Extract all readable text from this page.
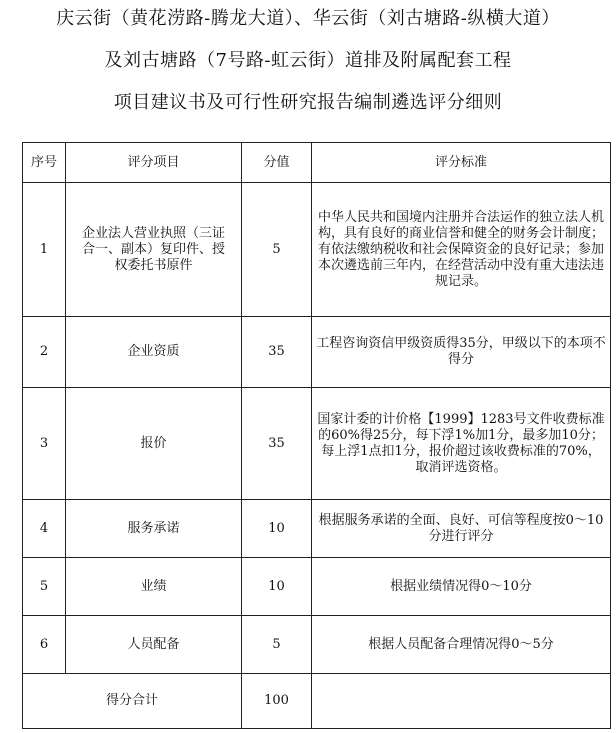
庆云街（黄花涝路-腾龙大道）、华云街（刘古塘路-纵横大道）
及刘古塘路（7号路-虹云街）道排及附属配套工程
项目建议书及可行性研究报告编制遴选评分细则
序号	评分项目	分值	评分标准
1	企业法人营业执照（三证合一、副本）复印件、授权委托书原件	5	中华人民共和国境内注册并合法运作的独立法人机构，具有良好的商业信誉和健全的财务会计制度；有依法缴纳税收和社会保障资金的良好记录；参加本次遴选前三年内，在经营活动中没有重大违法违规记录。
2	企业资质	35	工程咨询资信甲级资质得35分，甲级以下的本项不得分
3	报价	35	国家计委的计价格【1999】1283号文件收费标准的60%得25分，每下浮1%加1分，最多加10分；每上浮1点扣1分，报价超过该收费标准的70%，取消评选资格。
4	服务承诺	10	根据服务承诺的全面、良好、可信等程度按0～10分进行评分
5	业绩	10	根据业绩情况得0～10分
6	人员配备	5	根据人员配备合理情况得0～5分
得分合计		100	
